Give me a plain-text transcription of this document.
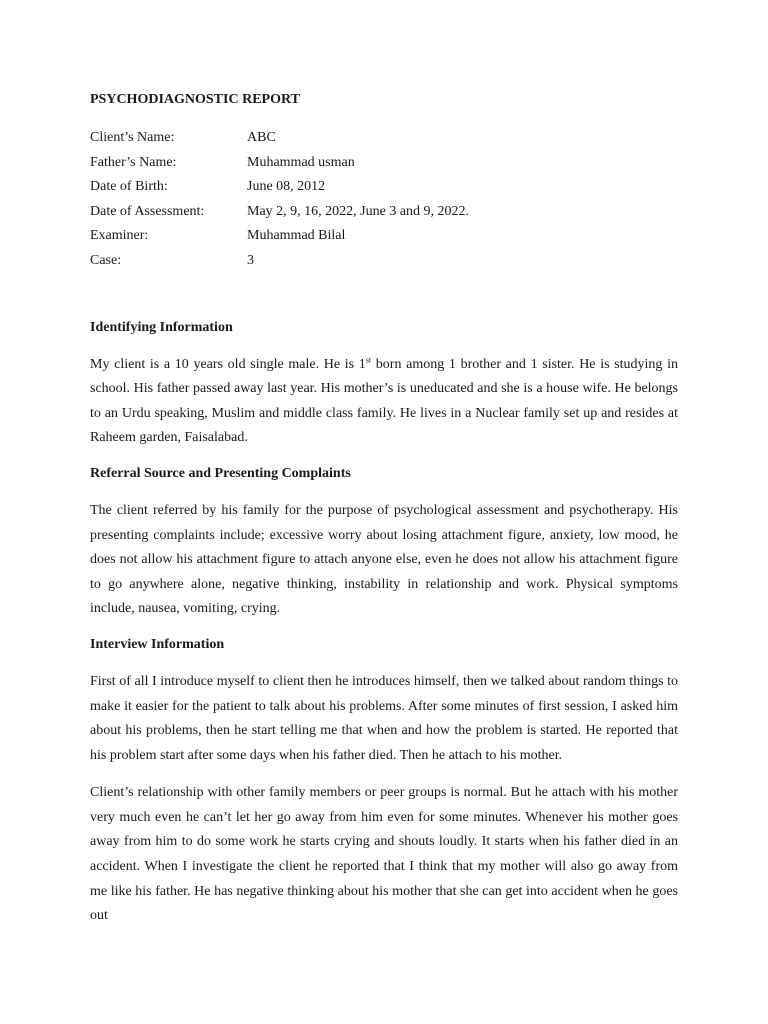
PSYCHODIAGNOSTIC REPORT

Client’s Name:	ABC
Father’s Name:	Muhammad usman
Date of Birth:	June 08, 2012
Date of Assessment:	May 2, 9, 16, 2022, June 3 and 9, 2022.
Examiner:	Muhammad Bilal
Case:	3

Identifying Information

My client is a 10 years old single male. He is 1st born among 1 brother and 1 sister. He is studying in school. His father passed away last year. His mother’s is uneducated and she is a house wife. He belongs to an Urdu speaking, Muslim and middle class family. He lives in a Nuclear family set up and resides at Raheem garden, Faisalabad.

Referral Source and Presenting Complaints

The client referred by his family for the purpose of psychological assessment and psychotherapy. His presenting complaints include; excessive worry about losing attachment figure, anxiety, low mood, he does not allow his attachment figure to attach anyone else, even he does not allow his attachment figure to go anywhere alone, negative thinking, instability in relationship and work. Physical symptoms include, nausea, vomiting, crying.

Interview Information

First of all I introduce myself to client then he introduces himself, then we talked about random things to make it easier for the patient to talk about his problems. After some minutes of first session, I asked him about his problems, then he start telling me that when and how the problem is started. He reported that his problem start after some days when his father died. Then he attach to his mother.

Client’s relationship with other family members or peer groups is normal. But he attach with his mother very much even he can’t let her go away from him even for some minutes. Whenever his mother goes away from him to do some work he starts crying and shouts loudly. It starts when his father died in an accident. When I investigate the client he reported that I think that my mother will also go away from me like his father. He has negative thinking about his mother that she can get into accident when he goes out
